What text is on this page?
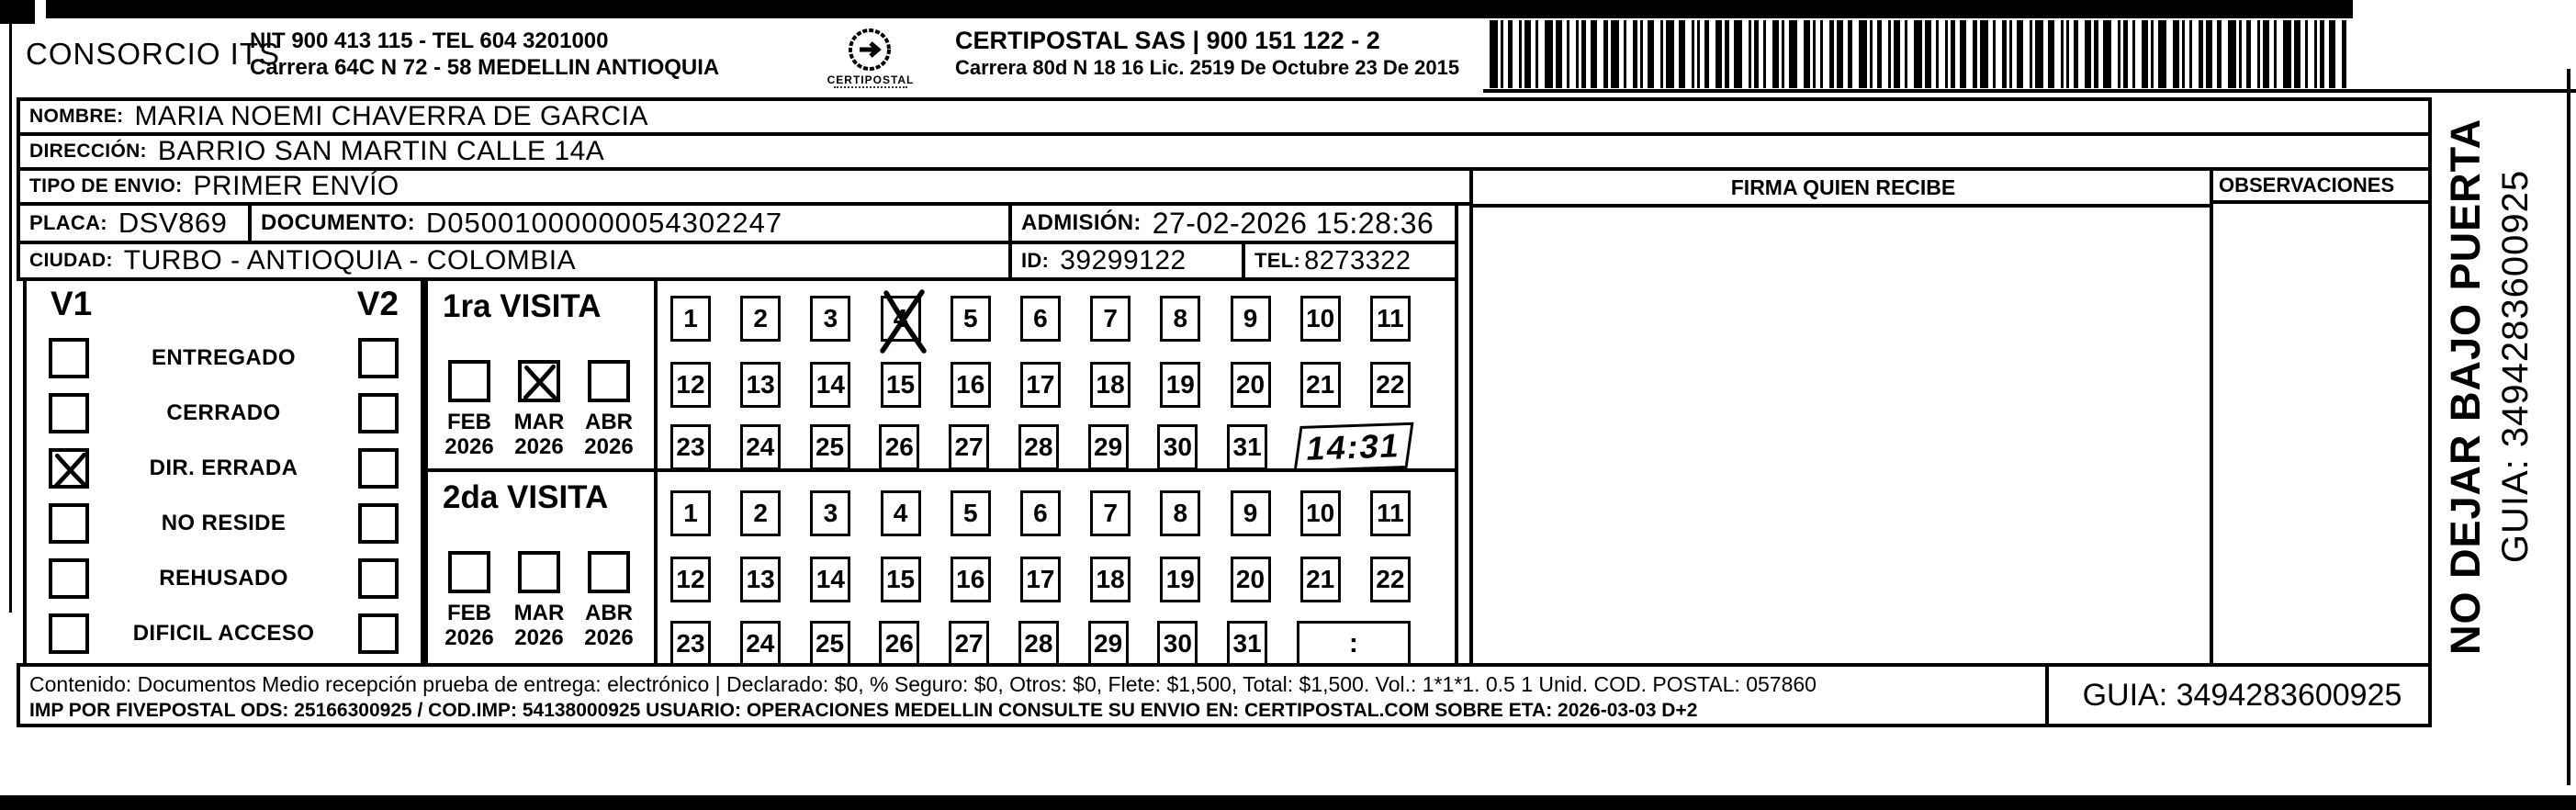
CONSORCIO ITS
NIT 900 413 115 - TEL 604 3201000
Carrera 64C N 72 - 58 MEDELLIN ANTIOQUIA	CERTIPOSTAL
CERTIPOSTAL SAS | 900 151 122 - 2
Carrera 80d N 18 16 Lic. 2519 De Octubre 23 De 2015
NOMBRE: MARIA NOEMI CHAVERRA DE GARCIA
DIRECCIÓN: BARRIO SAN MARTIN CALLE 14A
TIPO DE ENVIO: PRIMER ENVÍO
PLACA: DSV869 DOCUMENTO: D05001000000054302247	ADMISIÓN: 27-02-2026 15:28:36
CIUDAD: TURBO - ANTIOQUIA - COLOMBIA	ID: 39299122	TEL: 8273322
FIRMA QUIEN RECIBE	OBSERVACIONES
V1	V2
ENTREGADO
CERRADO
DIR. ERRADA
NO RESIDE
REHUSADO
DIFICIL ACCESO
1ra VISITA
FEB
2026
MAR
2026
ABR
2026
1	2	3	4	5	6	7	8	9	10 11
12 13 14 15 16 17 18 19 20 21 22
23 24 25 26 27 28 29 30 31	14:31
2da VISITA
FEB
2026
MAR
2026
ABR
2026
1	2	3	4	5	6	7	8	9	10 11
12 13 14 15 16 17 18 19 20 21 22
23 24 25 26 27 28 29 30 31	:
Contenido: Documentos Medio recepción prueba de entrega: electrónico | Declarado: $0, % Seguro: $0, Otros: $0, Flete: $1,500, Total: $1,500. Vol.: 1*1*1. 0.5 1 Unid. COD. POSTAL: 057860
IMP POR FIVEPOSTAL ODS: 25166300925 / COD.IMP: 54138000925 USUARIO: OPERACIONES MEDELLIN CONSULTE SU ENVIO EN: CERTIPOSTAL.COM SOBRE ETA: 2026-03-03 D+2	GUIA: 3494283600925
NO DEJAR BAJO PUERTA GUIA: 3494283600925
